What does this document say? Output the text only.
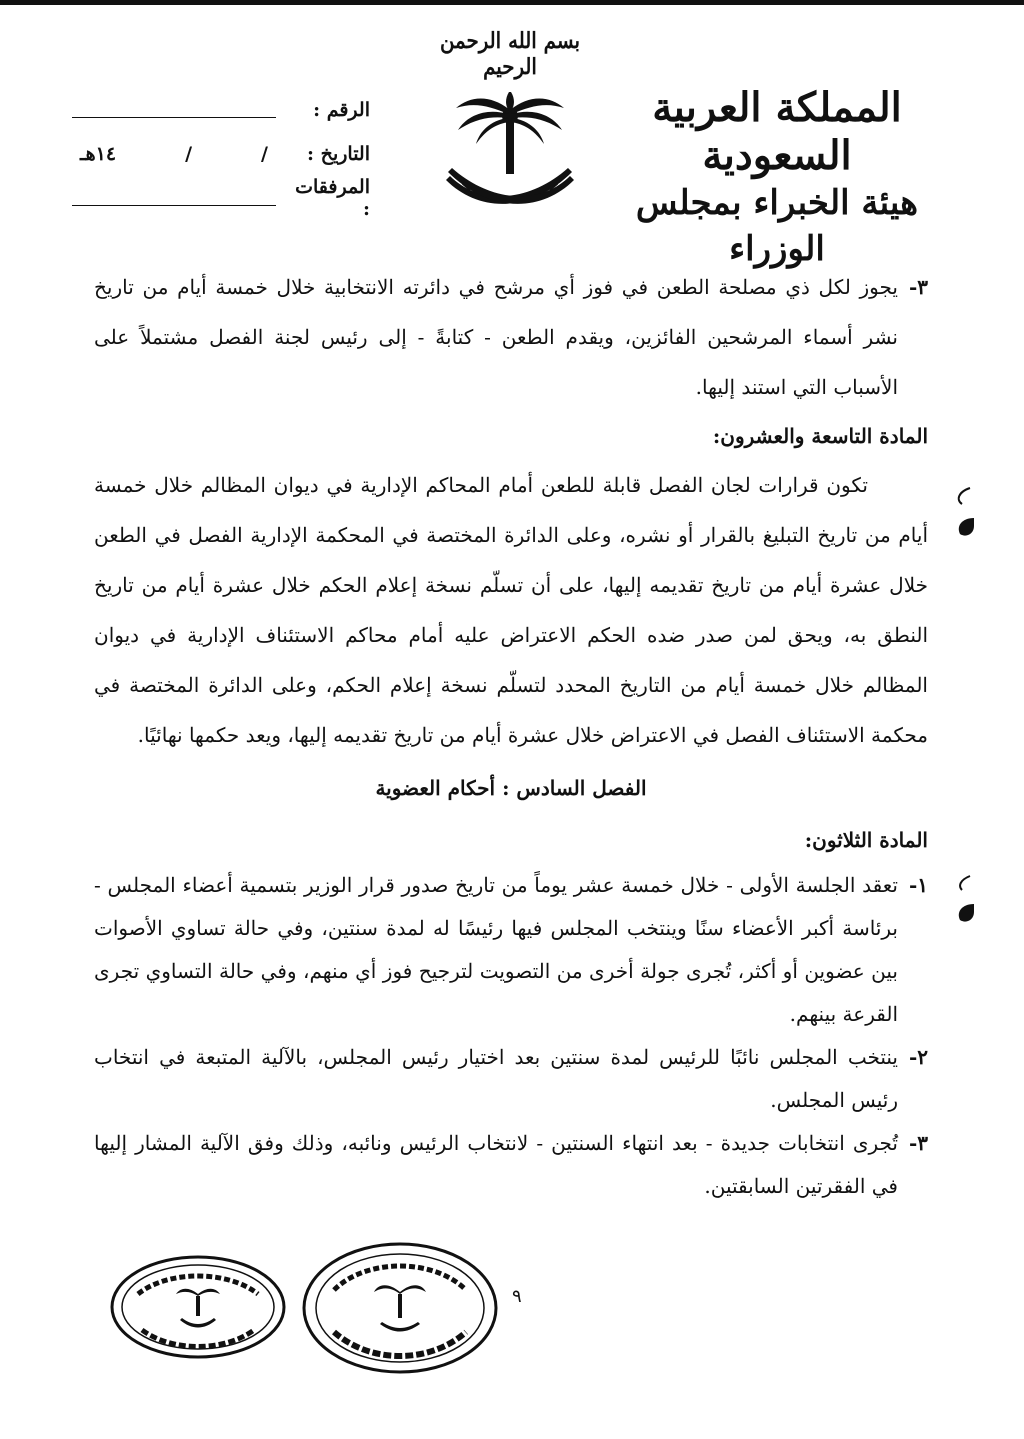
بسم الله الرحمن الرحيم
المملكة العربية السعودية
هيئة الخبراء بمجلس الوزراء
الرقم :
التاريخ :
/
/
١٤هـ
المرفقات :
٣-

يجوز لكل ذي مصلحة الطعن في فوز أي مرشح في دائرته الانتخابية خلال خمسة أيام من تاريخ نشر أسماء المرشحين الفائزين، ويقدم الطعن - كتابةً - إلى رئيس لجنة الفصل مشتملاً على الأسباب التي استند إليها.

المادة التاسعة والعشرون:

تكون قرارات لجان الفصل قابلة للطعن أمام المحاكم الإدارية في ديوان المظالم خلال خمسة أيام من تاريخ التبليغ بالقرار أو نشره، وعلى الدائرة المختصة في المحكمة الإدارية الفصل في الطعن خلال عشرة أيام من تاريخ تقديمه إليها، على أن تسلّم نسخة إعلام الحكم خلال عشرة أيام من تاريخ النطق به، ويحق لمن صدر ضده الحكم الاعتراض عليه أمام محاكم الاستئناف الإدارية في ديوان المظالم خلال خمسة أيام من التاريخ المحدد لتسلّم نسخة إعلام الحكم، وعلى الدائرة المختصة في محكمة الاستئناف الفصل في الاعتراض خلال عشرة أيام من تاريخ تقديمه إليها، ويعد حكمها نهائيًا.

الفصل السادس : أحكام العضوية

المادة الثلاثون:

١-

تعقد الجلسة الأولى - خلال خمسة عشر يوماً من تاريخ صدور قرار الوزير بتسمية أعضاء المجلس - برئاسة أكبر الأعضاء سنًا وينتخب المجلس فيها رئيسًا له لمدة سنتين، وفي حالة تساوي الأصوات بين عضوين أو أكثر، تُجرى جولة أخرى من التصويت لترجيح فوز أي منهم، وفي حالة التساوي تجرى القرعة بينهم.

٢-

ينتخب المجلس نائبًا للرئيس لمدة سنتين بعد اختيار رئيس المجلس، بالآلية المتبعة في انتخاب رئيس المجلس.

٣-

تُجرى انتخابات جديدة - بعد انتهاء السنتين - لانتخاب الرئيس ونائبه، وذلك وفق الآلية المشار إليها في الفقرتين السابقتين.

٩
